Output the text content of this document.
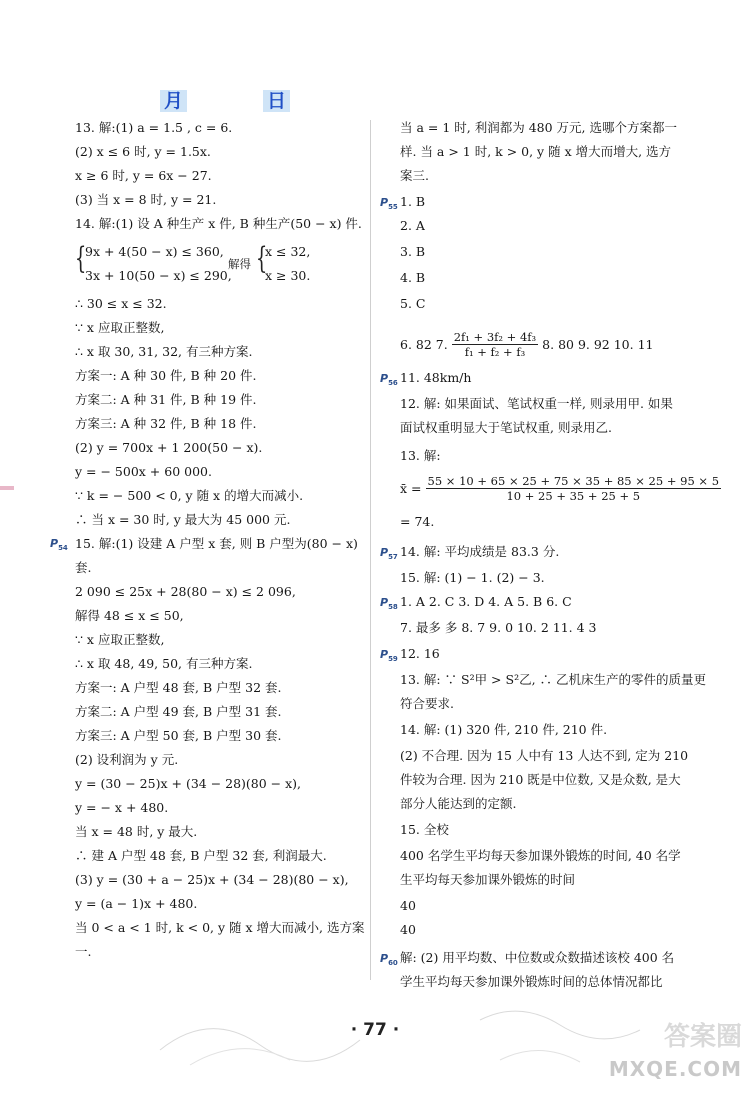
月	日
13. 解:(1) a = 1.5 , c = 6.
(2) x ≤ 6 时, y = 1.5x.
x ≥ 6 时, y = 6x − 27.
(3) 当 x = 8 时, y = 21.
14. 解:(1) 设 A 种生产 x 件, B 种生产(50 − x) 件.
{
9x + 4(50 − x) ≤ 360,
3x + 10(50 − x) ≤ 290,
解得 {
x ≤ 32,
x ≥ 30.
∴ 30 ≤ x ≤ 32.
∵ x 应取正整数,
∴ x 取 30, 31, 32, 有三种方案.
方案一: A 种 30 件, B 种 20 件.
方案二: A 种 31 件, B 种 19 件.
方案三: A 种 32 件, B 种 18 件.
(2) y = 700x + 1 200(50 − x).
y = − 500x + 60 000.
∵ k = − 500 < 0, y 随 x 的增大而减小.
∴ 当 x = 30 时, y 最大为 45 000 元.
15. 解:(1) 设建 A 户型 x 套, 则 B 户型为(80 − x)
套.
2 090 ≤ 25x + 28(80 − x) ≤ 2 096,
解得 48 ≤ x ≤ 50,
∵ x 应取正整数,
∴ x 取 48, 49, 50, 有三种方案.
方案一: A 户型 48 套, B 户型 32 套.
方案二: A 户型 49 套, B 户型 31 套.
方案三: A 户型 50 套, B 户型 30 套.
(2) 设利润为 y 元.
y = (30 − 25)x + (34 − 28)(80 − x),
y = − x + 480.
当 x = 48 时, y 最大.
∴ 建 A 户型 48 套, B 户型 32 套, 利润最大.
(3) y = (30 + a − 25)x + (34 − 28)(80 − x),
y = (a − 1)x + 480.
当 0 < a < 1 时, k < 0, y 随 x 增大而减小, 选方案
一.
$P_{54}$
当 a = 1 时, 利润都为 480 万元, 选哪个方案都一
样. 当 a > 1 时, k > 0, y 随 x 增大而增大, 选方
案三.
$P_{55}$ 1. B
2. A
3. B
4. B
5. C
6. 82 7. $\frac{\text{2f₁ + 3f₂ + 4f₃}}{\text{f₁ + f₂ + f₃}} 8$. 80 9. 92 10. 11
$P_{56}$ 11. 48km/h
12. 解: 如果面试、笔试权重一样, 则录用甲. 如果
面试权重明显大于笔试权重, 则录用乙.
13. 解:
x̄ = $\frac{55 \times 10 + 65 \times 25 + 75 \times 35 + 85 \times 25 + 95 \times 5}{10 + 25 + 35 + 25 + 5}$
= 74.
$P_{57}$ 14. 解: 平均成绩是 83.3 分.
15. 解: (1) − 1. (2) − 3.
$P_{58}$ 1. A 2. C 3. D 4. A 5. B 6. C
7. 最多 多 8. 7 9. 0 10. 2 11. 4 3
$P_{59}$ 12. 16
13. 解: ∵ S²甲 > S²乙, ∴ 乙机床生产的零件的质量更
符合要求.
14. 解: (1) 320 件, 210 件, 210 件.
(2) 不合理. 因为 15 人中有 13 人达不到, 定为 210
件较为合理. 因为 210 既是中位数, 又是众数, 是大
部分人能达到的定额.
15. 全校
400 名学生平均每天参加课外锻炼的时间, 40 名学
生平均每天参加课外锻炼的时间
40
40
$P_{60}$ 解: (2) 用平均数、中位数或众数描述该校 400 名
学生平均每天参加课外锻炼时间的总体情况都比
· 77 ·	答案圈
MXQE.COM
